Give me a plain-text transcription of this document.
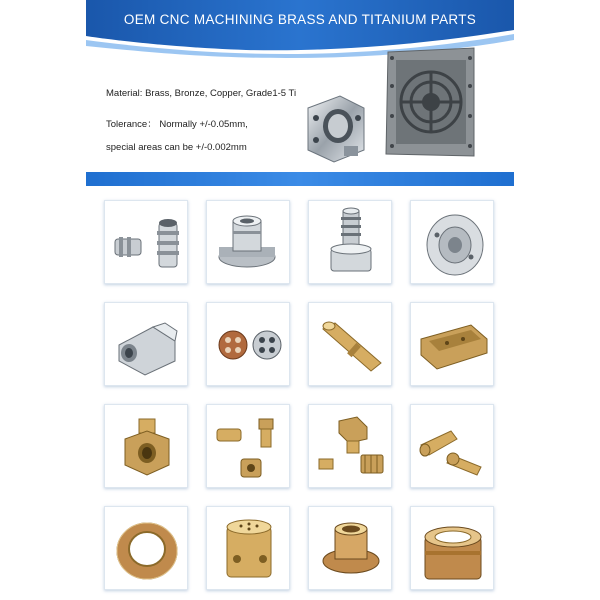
OEM CNC MACHINING BRASS AND TITANIUM PARTS
Material: Brass, Bronze, Copper, Grade1-5 Ti
Tolerance： Normally +/-0.05mm,
special areas can be +/-0.002mm
